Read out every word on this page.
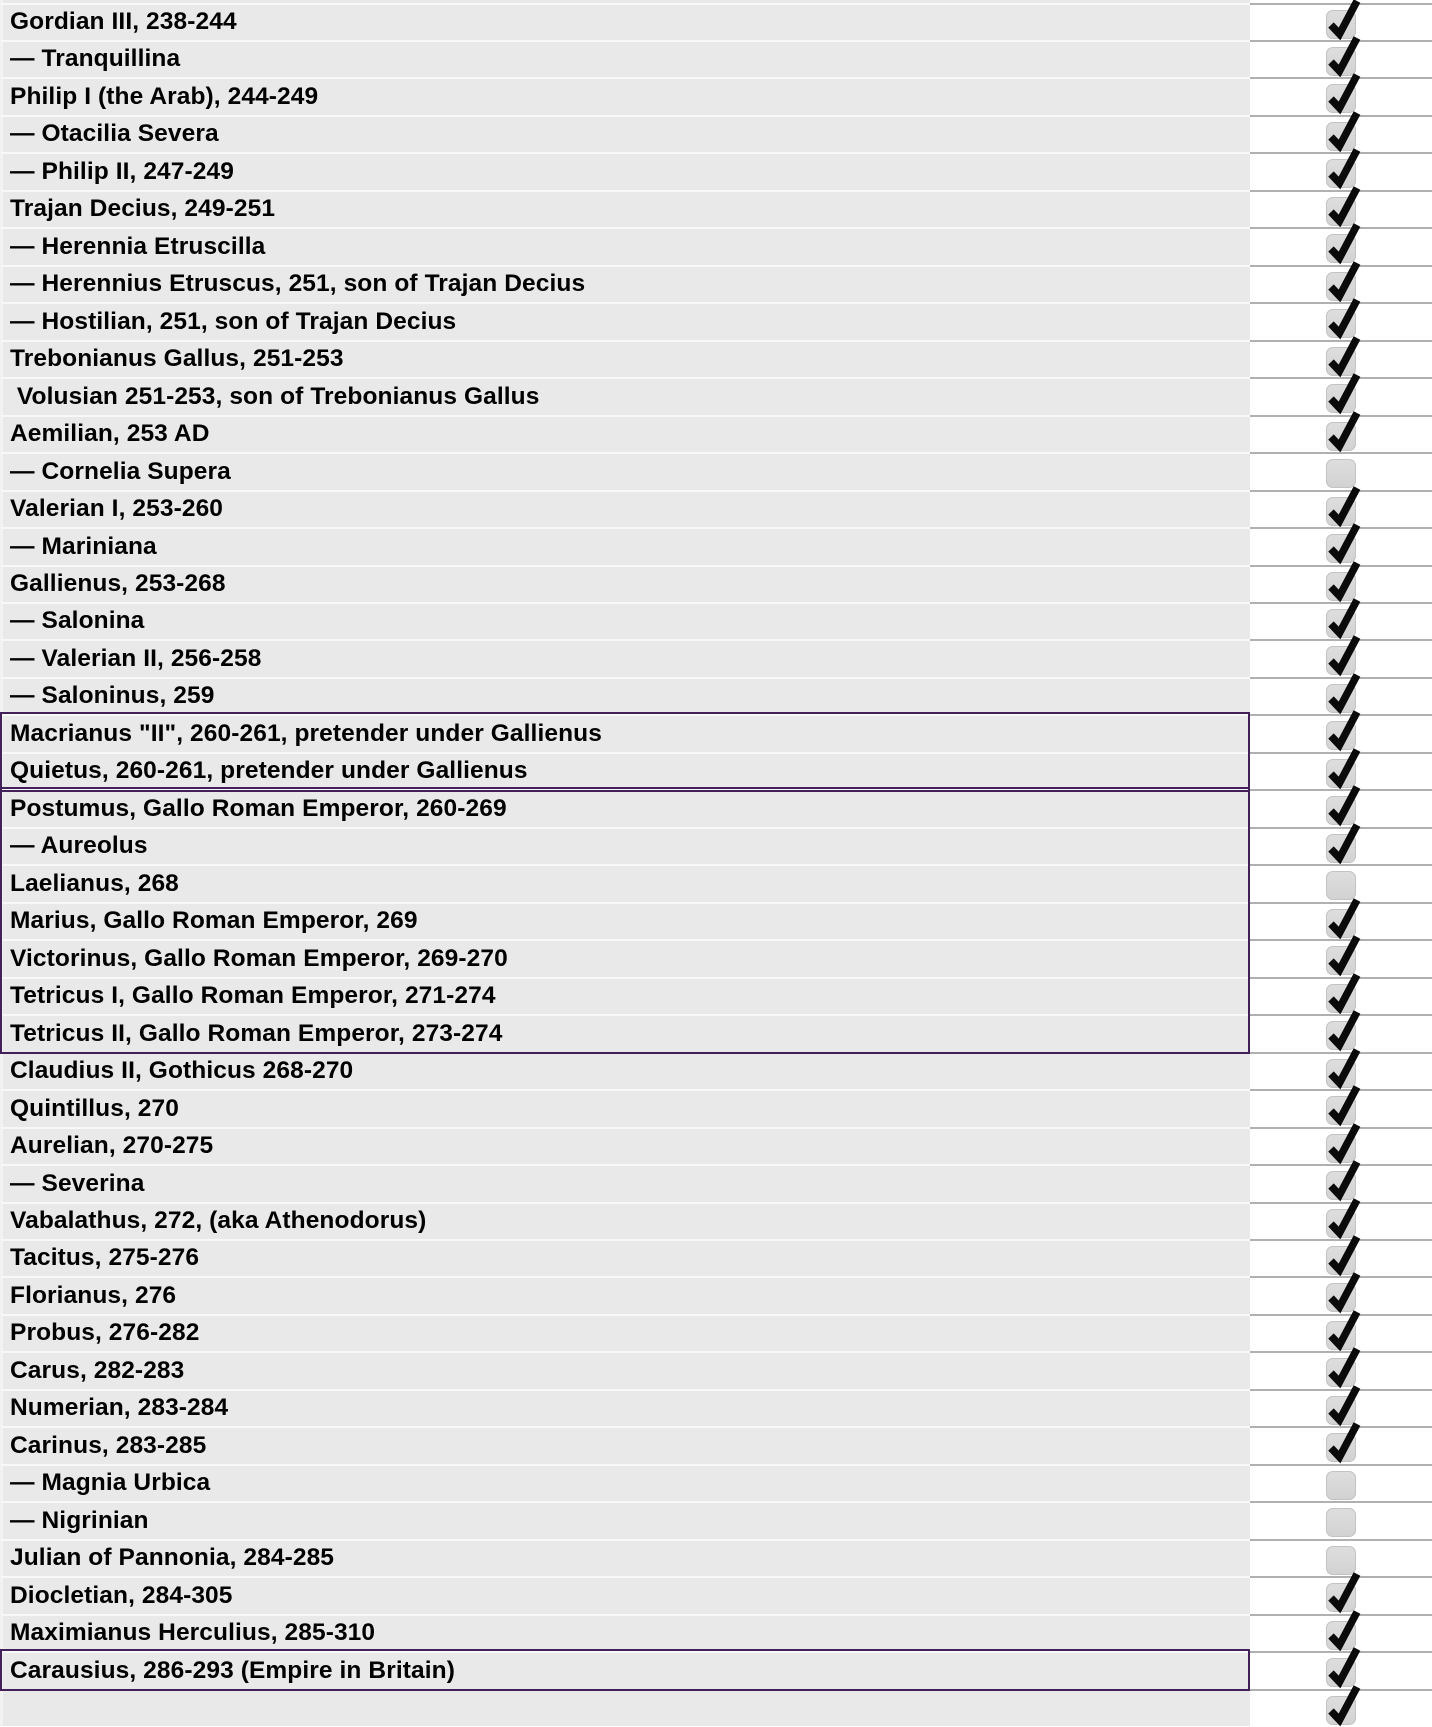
Gordian III, 238-244
— Tranquillina
Philip I (the Arab), 244-249
— Otacilia Severa
— Philip II, 247-249
Trajan Decius, 249-251
— Herennia Etruscilla
— Herennius Etruscus, 251, son of Trajan Decius
— Hostilian, 251, son of Trajan Decius
Trebonianus Gallus, 251-253
Volusian 251-253, son of Trebonianus Gallus
Aemilian, 253 AD
— Cornelia Supera
Valerian I, 253-260
— Mariniana
Gallienus, 253-268
— Salonina
— Valerian II, 256-258
— Saloninus, 259
Macrianus "II", 260-261, pretender under Gallienus
Quietus, 260-261, pretender under Gallienus
Postumus, Gallo Roman Emperor, 260-269
— Aureolus
Laelianus, 268
Marius, Gallo Roman Emperor, 269
Victorinus, Gallo Roman Emperor, 269-270
Tetricus I, Gallo Roman Emperor, 271-274
Tetricus II, Gallo Roman Emperor, 273-274
Claudius II, Gothicus 268-270
Quintillus, 270
Aurelian, 270-275
— Severina
Vabalathus, 272, (aka Athenodorus)
Tacitus, 275-276
Florianus, 276
Probus, 276-282
Carus, 282-283
Numerian, 283-284
Carinus, 283-285
— Magnia Urbica
— Nigrinian
Julian of Pannonia, 284-285
Diocletian, 284-305
Maximianus Herculius, 285-310
Carausius, 286-293 (Empire in Britain)
